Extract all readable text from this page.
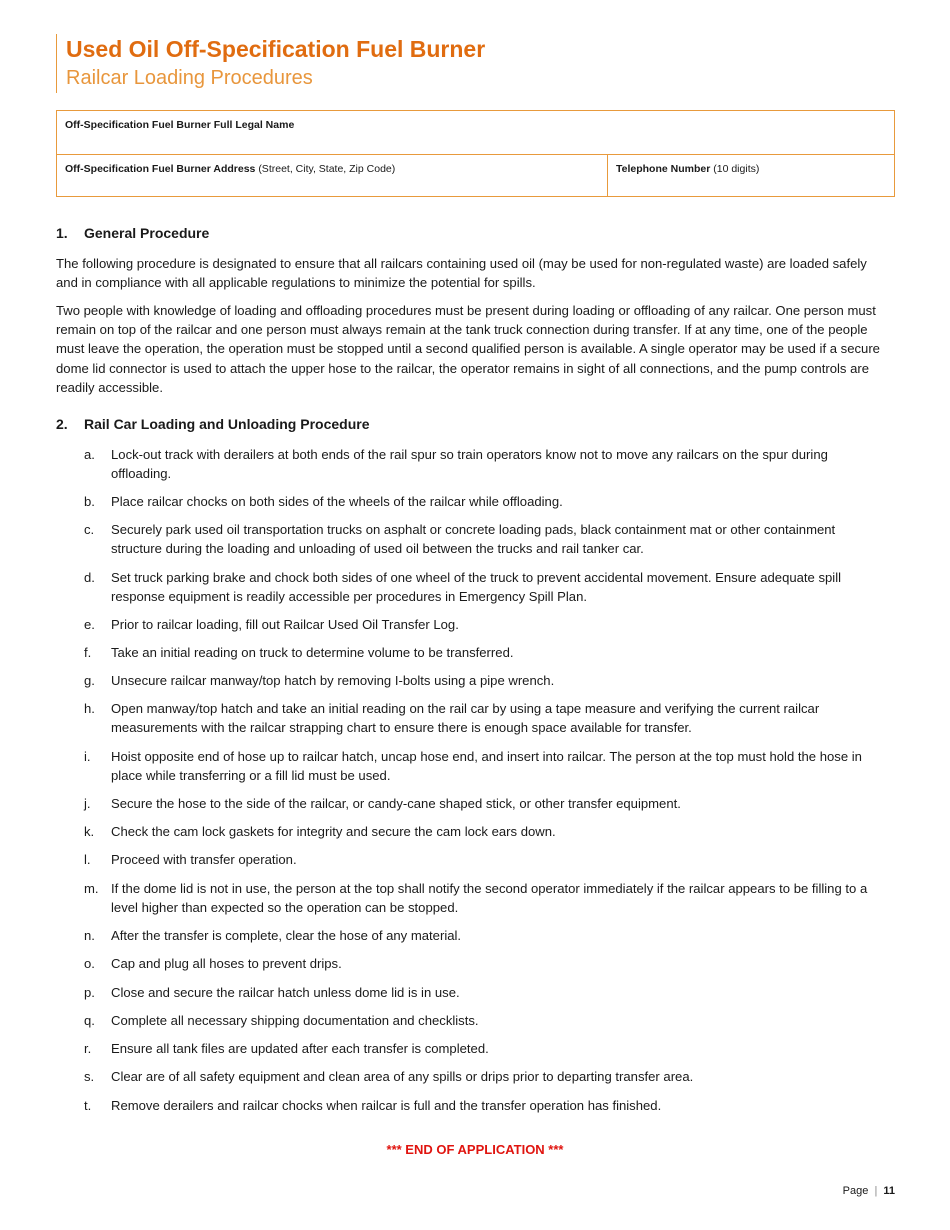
Used Oil Off-Specification Fuel Burner
Railcar Loading Procedures
Off-Specification Fuel Burner Full Legal Name
Off-Specification Fuel Burner Address (Street, City, State, Zip Code)	Telephone Number (10 digits)
1.	General Procedure
The following procedure is designated to ensure that all railcars containing used oil (may be used for non-regulated waste) are loaded safely and in compliance with all applicable regulations to minimize the potential for spills.
Two people with knowledge of loading and offloading procedures must be present during loading or offloading of any railcar. One person must remain on top of the railcar and one person must always remain at the tank truck connection during transfer. If at any time, one of the people must leave the operation, the operation must be stopped until a second qualified person is available. A single operator may be used if a secure dome lid connector is used to attach the upper hose to the railcar, the operator remains in sight of all connections, and the pump controls are readily accessible.
2.	Rail Car Loading and Unloading Procedure
a.	Lock-out track with derailers at both ends of the rail spur so train operators know not to move any railcars on the spur during offloading.
b.	Place railcar chocks on both sides of the wheels of the railcar while offloading.
c.	Securely park used oil transportation trucks on asphalt or concrete loading pads, black containment mat or other containment structure during the loading and unloading of used oil between the trucks and rail tanker car.
d.	Set truck parking brake and chock both sides of one wheel of the truck to prevent accidental movement. Ensure adequate spill response equipment is readily accessible per procedures in Emergency Spill Plan.
e.	Prior to railcar loading, fill out Railcar Used Oil Transfer Log.
f.	Take an initial reading on truck to determine volume to be transferred.
g.	Unsecure railcar manway/top hatch by removing I-bolts using a pipe wrench.
h.	Open manway/top hatch and take an initial reading on the rail car by using a tape measure and verifying the current railcar measurements with the railcar strapping chart to ensure there is enough space available for transfer.
i.	Hoist opposite end of hose up to railcar hatch, uncap hose end, and insert into railcar. The person at the top must hold the hose in place while transferring or a fill lid must be used.
j.	Secure the hose to the side of the railcar, or candy-cane shaped stick, or other transfer equipment.
k.	Check the cam lock gaskets for integrity and secure the cam lock ears down.
l.	Proceed with transfer operation.
m. If the dome lid is not in use, the person at the top shall notify the second operator immediately if the railcar appears to be filling to a level higher than expected so the operation can be stopped.
n.	After the transfer is complete, clear the hose of any material.
o.	Cap and plug all hoses to prevent drips.
p.	Close and secure the railcar hatch unless dome lid is in use.
q.	Complete all necessary shipping documentation and checklists.
r.	Ensure all tank files are updated after each transfer is completed.
s.	Clear are of all safety equipment and clean area of any spills or drips prior to departing transfer area.
t.	Remove derailers and railcar chocks when railcar is full and the transfer operation has finished.
*** END OF APPLICATION ***
Page | 11
